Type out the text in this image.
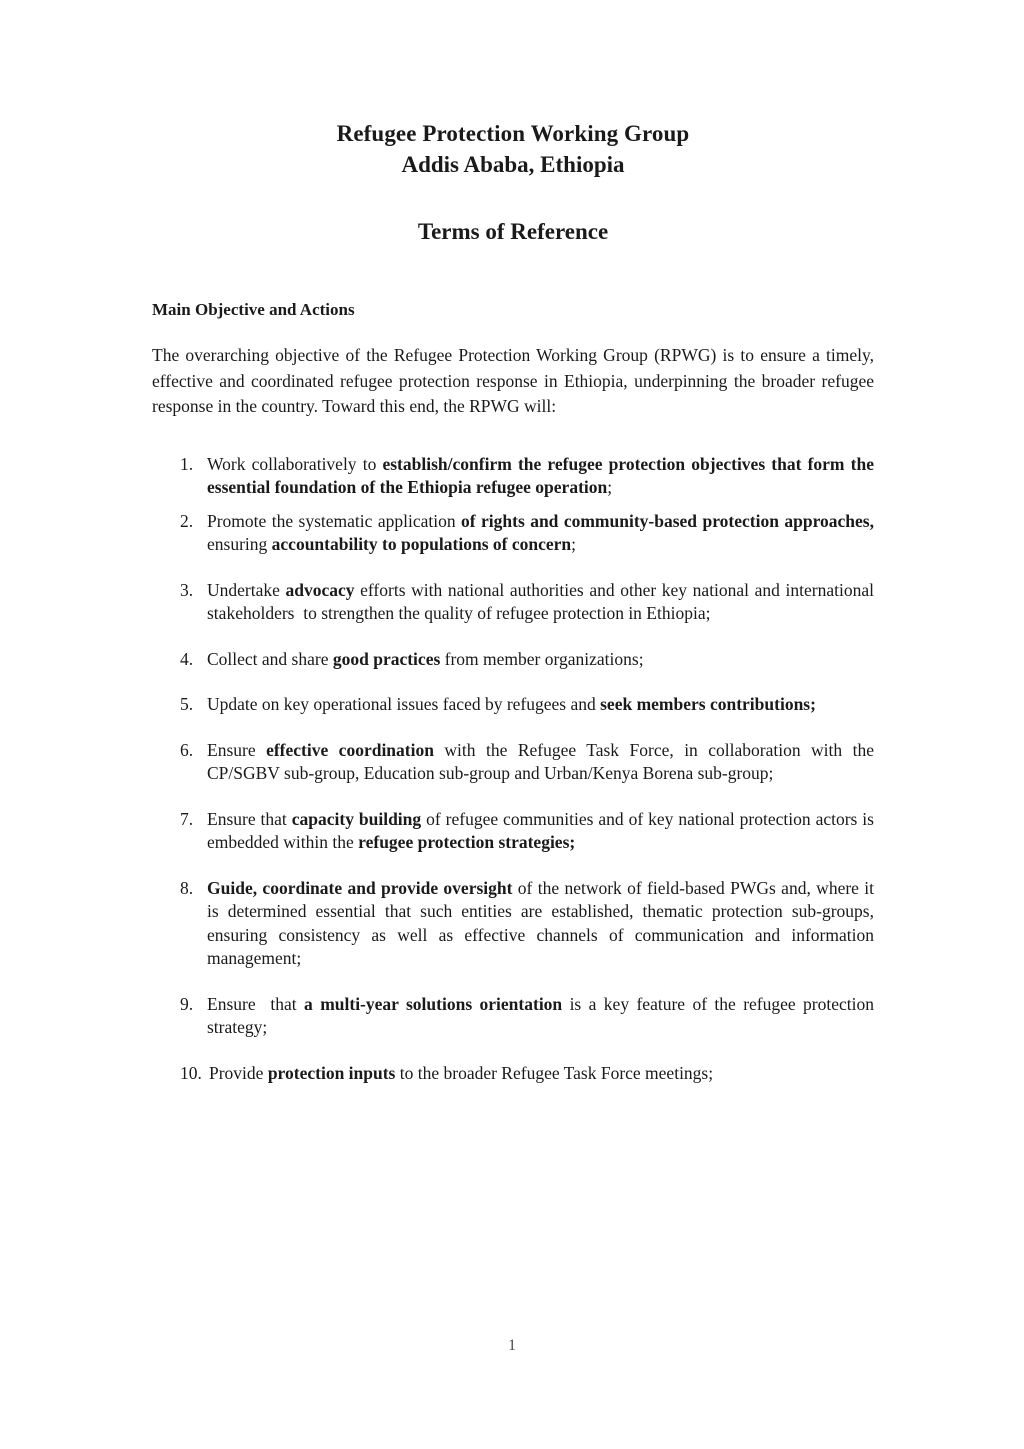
Refugee Protection Working Group
Addis Ababa, Ethiopia
Terms of Reference
Main Objective and Actions

The overarching objective of the Refugee Protection Working Group (RPWG) is to ensure a timely, effective and coordinated refugee protection response in Ethiopia, underpinning the broader refugee response in the country. Toward this end, the RPWG will:

1. Work collaboratively to establish/confirm the refugee protection objectives that form the essential foundation of the Ethiopia refugee operation;
2. Promote the systematic application of rights and community-based protection approaches, ensuring accountability to populations of concern;
3. Undertake advocacy efforts with national authorities and other key national and international stakeholders  to strengthen the quality of refugee protection in Ethiopia;
4. Collect and share good practices from member organizations;
5. Update on key operational issues faced by refugees and seek members contributions;
6. Ensure effective coordination with the Refugee Task Force, in collaboration with the CP/SGBV sub-group, Education sub-group and Urban/Kenya Borena sub-group;
7. Ensure that capacity building of refugee communities and of key national protection actors is embedded within the refugee protection strategies;
8. Guide, coordinate and provide oversight of the network of field-based PWGs and, where it is determined essential that such entities are established, thematic protection sub-groups, ensuring consistency as well as effective channels of communication and information management;
9. Ensure  that a multi-year solutions orientation is a key feature of the refugee protection strategy;
10. Provide protection inputs to the broader Refugee Task Force meetings;
1
